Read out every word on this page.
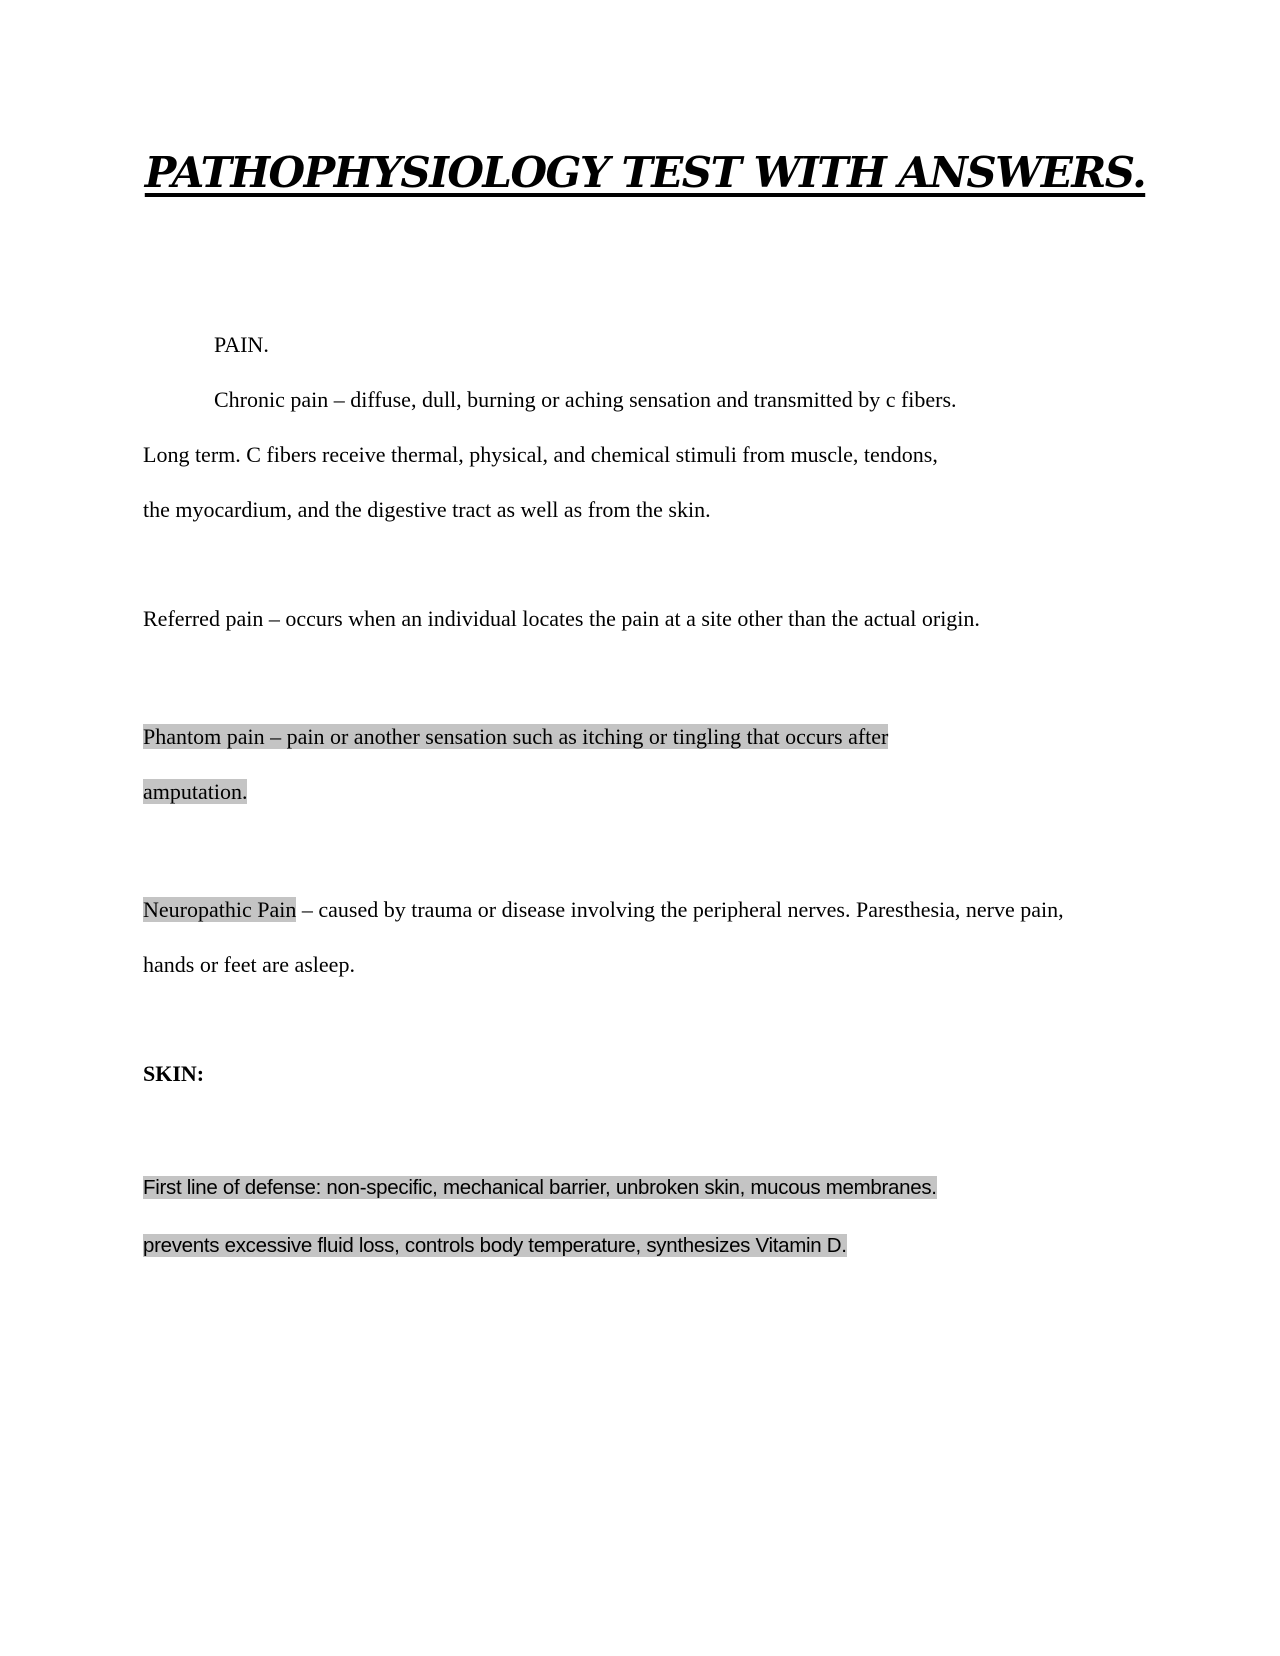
PATHOPHYSIOLOGY TEST WITH ANSWERS.
PAIN.
Chronic pain – diffuse, dull, burning or aching sensation and transmitted by c fibers.
Long term. C fibers receive thermal, physical, and chemical stimuli from muscle, tendons,
the myocardium, and the digestive tract as well as from the skin.
Referred pain – occurs when an individual locates the pain at a site other than the actual origin.
Phantom pain – pain or another sensation such as itching or tingling that occurs after
amputation.
Neuropathic Pain – caused by trauma or disease involving the peripheral nerves. Paresthesia, nerve pain,
hands or feet are asleep.
SKIN:
First line of defense: non-specific, mechanical barrier, unbroken skin, mucous membranes.
prevents excessive fluid loss, controls body temperature, synthesizes Vitamin D.
